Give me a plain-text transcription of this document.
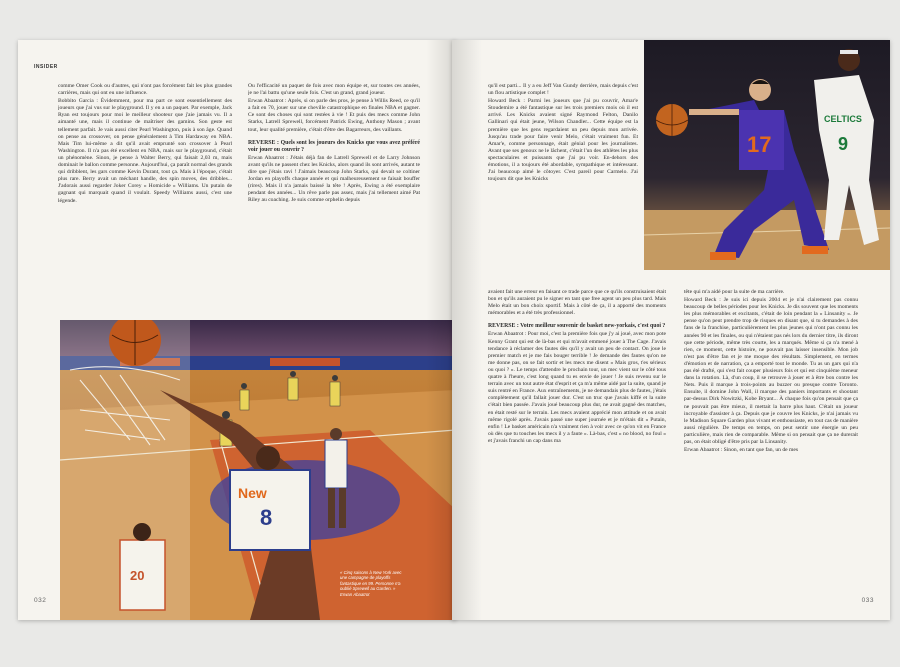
INSIDER

comme Omer Cook ou d'autres, qui n'ont pas forcément fait les plus grandes carrières, mais qui ont eu une influence.

Bobbito Garcia : Évidemment, pour ma part ce sont essentiellement des joueurs que j'ai vus sur le playground. Il y en a un paquet. Par exemple, Jack Ryan est toujours pour moi le meilleur shooteur que j'aie jamais vu. Il a aimanté une, mais il continue de maîtriser des gamins. Son geste est tellement parfait. Je vais aussi citer Pearl Washington, puis à son âge. Quand on pense au crossover, on pense généralement à Tim Hardaway en NBA. Mais Tim lui-même a dit qu'il avait emprunté son crossover à Pearl Washington. Il n'a pas été excellent en NBA, mais sur le playground, c'était un phénomène. Sinon, je pense à Walter Berry, qui faisait 2,03 m, mais dominait le ballon comme personne. Aujourd'hui, ça paraît normal des grands qui dribblent, les gars comme Kevin Durant, tout ça. Mais à l'époque, c'était plus rare. Berry avait un méchant handle, des spin moves, des dribbles... J'adorais aussi regarder Joker Corey « Homicide » Williams. Un putain de gagnant qui marquait quand il voulait. Speedy Williams aussi, c'est une légende.

Ou l'efficacité un paquet de fois avec mon équipe et, sur toutes ces années, je ne l'ai battu qu'une seule fois. C'est un grand, grand joueur.

Erwan Abaatrot : Après, si on parle des pros, je pense à Willis Reed, ce qu'il a fait en 70, jouer sur une cheville catastrophique en finales NBA et gagner. Ce sont des choses qui sont restées à vie ! Et puis des mecs comme John Starks, Latrell Sprewell, forcément Patrick Ewing, Anthony Mason ; avant tout, leur qualité première, c'était d'être des Bagarreurs, des vaillants.

REVERSE : Quels sont les joueurs des Knicks que vous avez préféré voir jouer ou couvrir ?

Erwan Abaatrot : J'étais déjà fan de Latrell Sprewell et de Larry Johnson avant qu'ils ne passent chez les Knicks, alors quand ils sont arrivés, autant te dire que j'étais ravi ! J'aimais beaucoup John Starks, qui devait se coltiner Jordan en playoffs chaque année et qui malheureusement se faisait bouffer (rires). Mais il n'a jamais baissé la tête ! Après, Ewing a été exemplaire pendant des années... Un rêve parle pas assez, mais j'ai tellement aimé Pat Riley au coaching. Je suis comme orphelin depuis

New
8
20	« Cinq saisons à New York avec une campagne de playoffs fantastique en 99. Personne n'a oublié Sprewell au Garden. » Erwan Abaatrot
032
17
CELTICS
9

qu'il est parti... Il y a eu Jeff Van Gundy derrière, mais depuis c'est un flou artistique complet !

Howard Beck : Parmi les joueurs que j'ai pu couvrir, Amar'e Stoudemire a été fantastique sur les trois premiers mois où il est arrivé. Les Knicks avaient signé Raymond Felton, Danilo Gallinari qui était jeune, Wilson Chandler... Cette équipe est la première que les gens regardaient un peu depuis mon arrivée. Jusqu'au trade pour faire venir Melo, c'était vraiment fun. Et Amar'e, comme personnage, était génial pour les journalistes. Avant que ses genoux ne le lâchent, c'était l'un des athlètes les plus spectaculaires et puissants que j'ai pu voir. En-dehors des émotions, il a toujours été abordable, sympathique et intéressant. J'ai beaucoup aimé le côtoyer. C'est pareil pour Carmelo. J'ai toujours dit que les Knicks

avaient fait une erreur en faisant ce trade parce que ce qu'ils construisaient était bon et qu'ils auraient pu le signer en tant que free agent un peu plus tard. Mais Melo était un bon choix sportif. Mais à côté de ça, il a apporté des moments mémorables et a été très professionnel.

REVERSE : Votre meilleur souvenir de basket new-yorkais, c'est quoi ?

Erwan Abaatrot : Pour moi, c'est la première fois que j'y ai joué, avec mon pote Kenny Grant qui est de là-bas et qui m'avait emmené jouer à The Cage. J'avais tendance à réclamer des fautes dès qu'il y avait un peu de contact. On joue le premier match et je me fais bouger terrible ! Je demande des fautes qu'on ne me donne pas, on se fait sortir et les mecs me disent « Mais gros, t'es sérieux ou quoi ? ». Le temps d'attendre le prochain tour, un mec vient sur le côté tous quatre à l'heure, c'est long quand tu es envie de jouer ! Je suis revenu sur le terrain avec un tout autre état d'esprit et ça m'a même aidé par la suite, quand je suis rentré en France. Aux entraînements, je ne demandais plus de fautes, j'étais complètement qu'il fallait jouer dur. C'est un truc que j'avais kiffé et la suite c'était bien passée. J'avais joué beaucoup plus dur, ne avait gagné des matches, en était resté sur le terrain. Les mecs avaient apprécié mon attitude et on avait même rigolé après. J'avais passé une super journée et je m'étais dit « Putain, enfin ! Le basket américain n'a vraiment rien à voir avec ce qu'on vit en France où dès que tu touches les mecs il y a faute ». Là-bas, c'est « no blood, no foul » et j'avais franchi un cap dans ma

tête qui m'a aidé pour la suite de ma carrière.

Howard Beck : Je suis ici depuis 2004 et je n'ai clairement pas connu beaucoup de belles périodes pour les Knicks. Je dis souvent que les moments les plus mémorables et excitants, c'était de loin pendant la « Linsanity ». Je pense qu'on peut prendre trop de risques en disant que, si tu demandes à des fans de la franchise, particulièrement les plus jeunes qui n'ont pas connu les années 90 et les finales, ou qui n'étaient pas nés lors du dernier titre, ils diront que cette période, même très courte, les a marqués. Même si ça n'a mené à rien, ce moment, cette histoire, ne pouvait pas laisser insensible. Mon job n'est pas d'être fan et je me moque des résultats. Simplement, en termes d'émotion et de narration, ça a emporté tout le monde. Tu as un gars qui n'a pas été drafté, qui s'est fait couper plusieurs fois et qui est cinquième meneur dans la rotation. Là, d'un coup, il se retrouve à jouer et à être bon contre les Nets. Puis il marque à trois-points au buzzer ou presque contre Toronto. Ensuite, il domine John Wall, il marque des paniers importants et shootant par-dessus Dirk Nowitzki, Kobe Bryant... À chaque fois qu'on pensait que ça ne pouvait pas être mieux, il mettait la barre plus haut. C'était un joueur incroyable d'assister à ça. Depuis que je couvre les Knicks, je n'ai jamais vu le Madison Square Garden plus vivant et enthousiaste, en tout cas de manière aussi régulière. De temps en temps, on peut sentir une énergie un peu particulière, mais rien de comparable. Même si on pensait que ça ne durerait pas, on était obligé d'être pris par la Linsanity.

Erwan Abaatrot : Sinon, en tant que fan, un de mes

033
